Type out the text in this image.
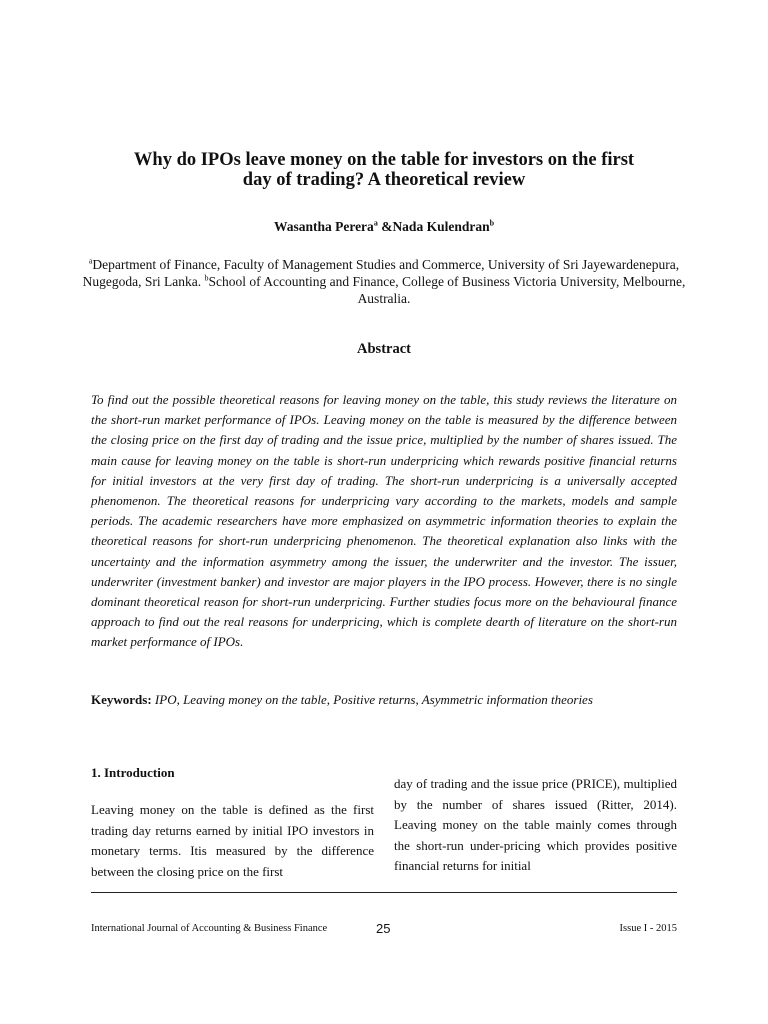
Why do IPOs leave money on the table for investors on the first
day of trading? A theoretical review
Wasantha Perera$^a$ &Nada Kulendran$^b$
$^a$Department of Finance, Faculty of Management Studies and Commerce, University of Sri Jayewardenepura, Nugegoda, Sri Lanka. $^b$School of Accounting and Finance, College of Business Victoria University, Melbourne, Australia.
Abstract

To find out the possible theoretical reasons for leaving money on the table, this study reviews the literature on the short-run market performance of IPOs. Leaving money on the table is measured by the difference between the closing price on the first day of trading and the issue price, multiplied by the number of shares issued. The main cause for leaving money on the table is short-run underpricing which rewards positive financial returns for initial investors at the very first day of trading. The short-run underpricing is a universally accepted phenomenon. The theoretical reasons for underpricing vary according to the markets, models and sample periods. The academic researchers have more emphasized on asymmetric information theories to explain the theoretical reasons for short-run underpricing phenomenon. The theoretical explanation also links with the uncertainty and the information asymmetry among the issuer, the underwriter and the investor. The issuer, underwriter (investment banker) and investor are major players in the IPO process. However, there is no single dominant theoretical reason for short-run underpricing. Further studies focus more on the behavioural finance approach to find out the real reasons for underpricing, which is complete dearth of literature on the short-run market performance of IPOs.

Keywords: IPO, Leaving money on the table, Positive returns, Asymmetric information theories
1. Introduction

Leaving money on the table is defined as the first trading day returns earned by initial IPO investors in monetary terms. Itis measured by the difference between the closing price on the first

day of trading and the issue price (PRICE), multiplied by the number of shares issued (Ritter, 2014). Leaving money on the table mainly comes through the short-run under-pricing which provides positive financial returns for initial

International Journal of Accounting & Business Finance	25	Issue I - 2015
